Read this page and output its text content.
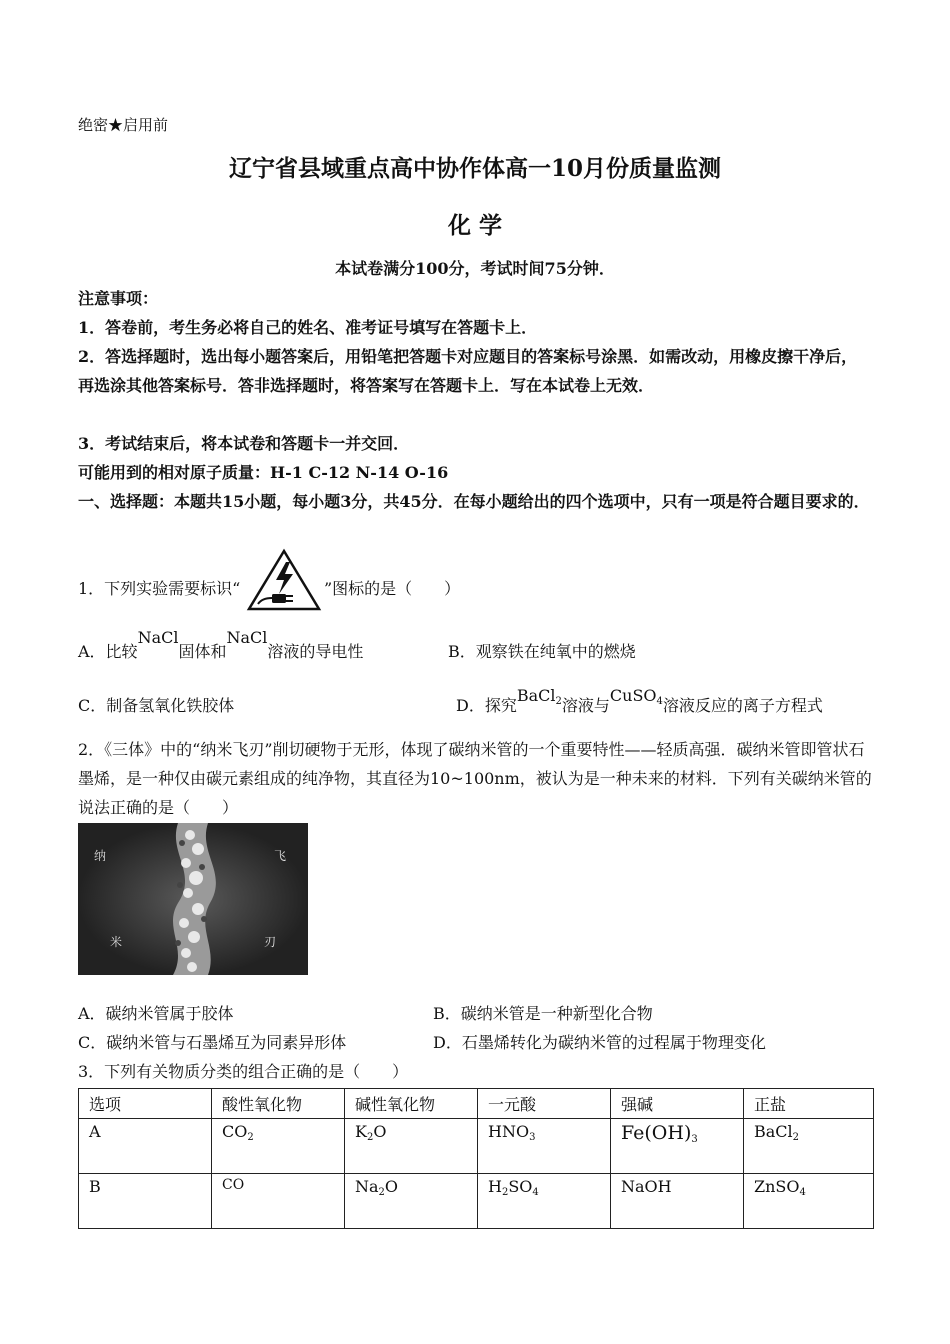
绝密★启用前
辽宁省县域重点高中协作体高一10月份质量监测
化 学
本试卷满分100分，考试时间75分钟．
注意事项：
1．答卷前，考生务必将自己的姓名、准考证号填写在答题卡上．
2．答选择题时，选出每小题答案后，用铅笔把答题卡对应题目的答案标号涂黑．如需改动，用橡皮擦干净后，再选涂其他答案标号．答非选择题时，将答案写在答题卡上．写在本试卷上无效．
3．考试结束后，将本试卷和答题卡一并交回．
可能用到的相对原子质量：H-1 C-12 N-14 O-16
一、选择题：本题共15小题，每小题3分，共45分．在每小题给出的四个选项中，只有一项是符合题目要求的．
1．下列实验需要标识“	”图标的是（　　）
A．比较NaCl固体和NaCl溶液的导电性	B．观察铁在纯氧中的燃烧
C．制备氢氧化铁胶体	D．探究BaCl$_2$溶液与CuSO$_4$溶液反应的离子方程式
2．《三体》中的“纳米飞刃”削切硬物于无形，体现了碳纳米管的一个重要特性——轻质高强．碳纳米管即管状石墨烯，是一种仅由碳元素组成的纯净物，其直径为10~100nm，被认为是一种未来的材料．下列有关碳纳米管的说法正确的是（　　）
纳	飞
米	刃
A．碳纳米管属于胶体	B．碳纳米管是一种新型化合物
C．碳纳米管与石墨烯互为同素异形体	D．石墨烯转化为碳纳米管的过程属于物理变化
3．下列有关物质分类的组合正确的是（　　）
选项	酸性氧化物	碱性氧化物	一元酸	强碱	正盐
A	$CO_2$	$K_2O$	$HNO_3$	$Fe(OH)_3$	BaCl$_2$
B	CO	$Na_2O$	$H_2SO_4$	NaOH	ZnSO$_4$
